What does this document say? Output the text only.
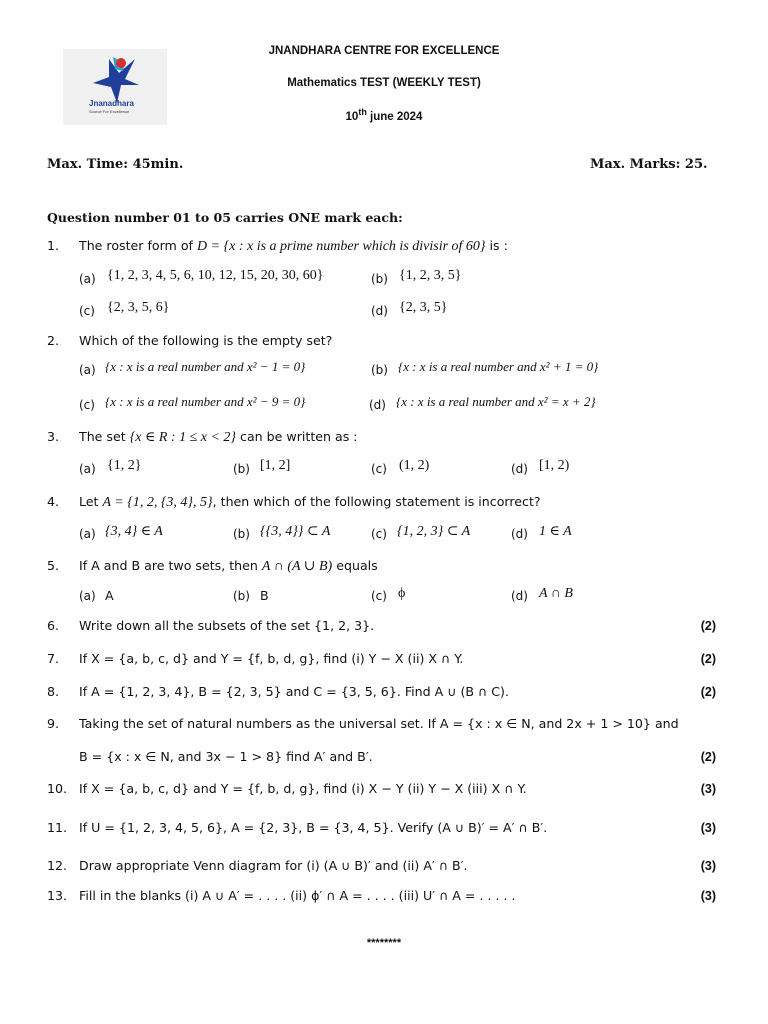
Jnanadhara
Source For Excellence
JNANDHARA CENTRE FOR EXCELLENCE
Mathematics TEST (WEEKLY TEST)
10th june 2024
Max. Time: 45min.	Max. Marks: 25.
Question number 01 to 05 carries ONE mark each:
1. The roster form of D = {x : x is a prime number which is divisir of 60} is :
(a) {1, 2, 3, 4, 5, 6, 10, 12, 15, 20, 30, 60}	(b) {1, 2, 3, 5}
(c) {2, 3, 5, 6}	(d) {2, 3, 5}
2. Which of the following is the empty set?
(a) {x : x is a real number and x² − 1 = 0}	(b) {x : x is a real number and x² + 1 = 0}
(c) {x : x is a real number and x² − 9 = 0}	(d) {x : x is a real number and x² = x + 2}
3. The set {x ∈ R : 1 ≤ x < 2} can be written as :
(a) {1, 2}	(b) [1, 2]	(c) (1, 2)	(d) [1, 2)
4. Let A = {1, 2, {3, 4}, 5}, then which of the following statement is incorrect?
(a) {3, 4} ∈ A	(b) {{3, 4}} ⊂ A	(c) {1, 2, 3} ⊂ A	(d) 1 ∈ A
5. If A and B are two sets, then A ∩ (A ∪ B) equals
(a) A	(b) B	(c) ϕ	(d) A ∩ B
6. Write down all the subsets of the set {1, 2, 3}.	(2)
7. If X = {a, b, c, d} and Y = {f, b, d, g}, find (i) Y − X (ii) X ∩ Y.	(2)
8. If A = {1, 2, 3, 4}, B = {2, 3, 5} and C = {3, 5, 6}. Find A ∪ (B ∩ C).	(2)
9. Taking the set of natural numbers as the universal set. If A = {x : x ∈ N, and 2x + 1 > 10} and
B = {x : x ∈ N, and 3x − 1 > 8} find A′ and B′.	(2)
10. If X = {a, b, c, d} and Y = {f, b, d, g}, find (i) X − Y (ii) Y − X (iii) X ∩ Y.	(3)
11. If U = {1, 2, 3, 4, 5, 6}, A = {2, 3}, B = {3, 4, 5}. Verify (A ∪ B)′ = A′ ∩ B′.	(3)
12. Draw appropriate Venn diagram for (i) (A ∪ B)′ and (ii) A′ ∩ B′.	(3)
13. Fill in the blanks (i) A ∪ A′ = . . . . (ii) ϕ′ ∩ A = . . . . (iii) U′ ∩ A = . . . . .	(3)
********
